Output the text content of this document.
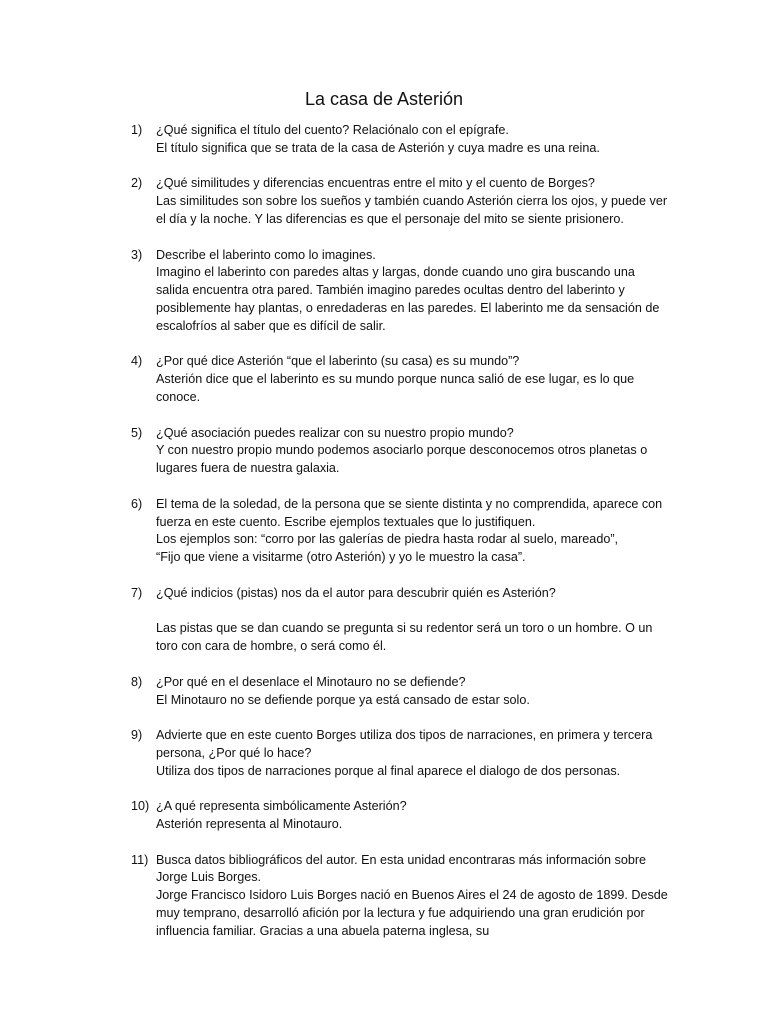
La casa de Asterión
1)	¿Qué significa el título del cuento? Relaciónalo con el epígrafe.

El título significa que se trata de la casa de Asterión y cuya madre es una reina.

2)	¿Qué similitudes y diferencias encuentras entre el mito y el cuento de Borges?

Las similitudes son sobre los sueños y también cuando Asterión cierra los ojos, y puede ver el día y la noche. Y las diferencias es que el personaje del mito se siente prisionero.

3)	Describe el laberinto como lo imagines.

Imagino el laberinto con paredes altas y largas, donde cuando uno gira buscando una salida encuentra otra pared. También imagino paredes ocultas dentro del laberinto y posiblemente hay plantas, o enredaderas en las paredes. El laberinto me da sensación de escalofríos al saber que es difícil de salir.

4)	¿Por qué dice Asterión “que el laberinto (su casa) es su mundo”?

Asterión dice que el laberinto es su mundo porque nunca salió de ese lugar, es lo que conoce.

5)	¿Qué asociación puedes realizar con su nuestro propio mundo?

Y con nuestro propio mundo podemos asociarlo porque desconocemos otros planetas o lugares fuera de nuestra galaxia.

6)	El tema de la soledad, de la persona que se siente distinta y no comprendida, aparece con fuerza en este cuento. Escribe ejemplos textuales que lo justifiquen.

Los ejemplos son: “corro por las galerías de piedra hasta rodar al suelo, mareado”,

“Fijo que viene a visitarme (otro Asterión) y yo le muestro la casa”.

7)	¿Qué indicios (pistas) nos da el autor para descubrir quién es Asterión?

Las pistas que se dan cuando se pregunta si su redentor será un toro o un hombre. O un toro con cara de hombre, o será como él.

8)	¿Por qué en el desenlace el Minotauro no se defiende?

El Minotauro no se defiende porque ya está cansado de estar solo.

9)	Advierte que en este cuento Borges utiliza dos tipos de narraciones, en primera y tercera persona, ¿Por qué lo hace?

Utiliza dos tipos de narraciones porque al final aparece el dialogo de dos personas.

10) ¿A qué representa simbólicamente Asterión?

Asterión representa al Minotauro.

11) Busca datos bibliográficos del autor. En esta unidad encontraras más información sobre Jorge Luis Borges.

Jorge Francisco Isidoro Luis Borges nació en Buenos Aires el 24 de agosto de 1899. Desde muy temprano, desarrolló afición por la lectura y fue adquiriendo una gran erudición por influencia familiar. Gracias a una abuela paterna inglesa, su
